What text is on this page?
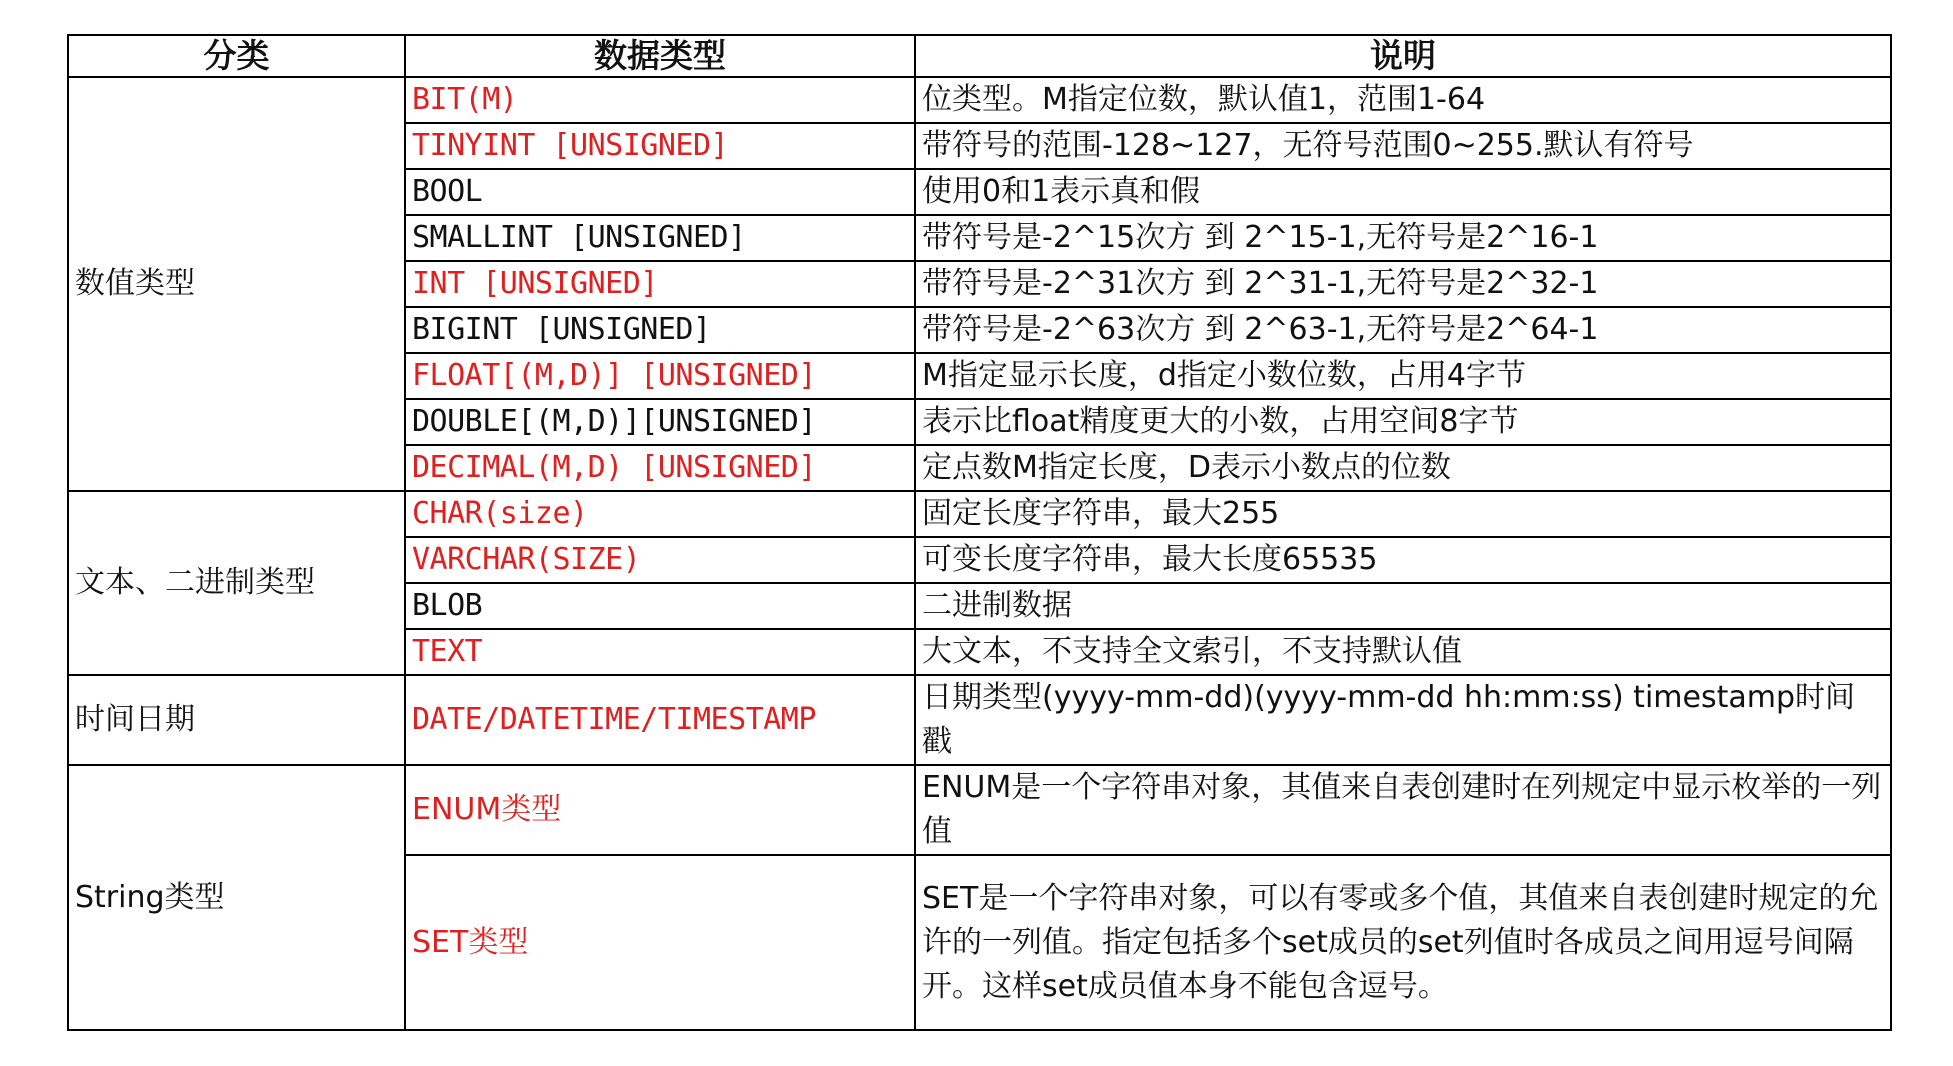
分类	数据类型	说明
数值类型	BIT(M)	位类型。M指定位数，默认值1，范围1-64
	TINYINT [UNSIGNED]	带符号的范围-128~127，无符号范围0~255.默认有符号
	BOOL	使用0和1表示真和假
	SMALLINT [UNSIGNED]	带符号是-2^15次方 到 2^15-1,无符号是2^16-1
	INT [UNSIGNED]	带符号是-2^31次方 到 2^31-1,无符号是2^32-1
	BIGINT [UNSIGNED]	带符号是-2^63次方 到 2^63-1,无符号是2^64-1
	FLOAT[(M,D)] [UNSIGNED]	M指定显示长度，d指定小数位数，占用4字节
	DOUBLE[(M,D)][UNSIGNED]	表示比float精度更大的小数，占用空间8字节
	DECIMAL(M,D) [UNSIGNED]	定点数M指定长度，D表示小数点的位数
文本、二进制类型	CHAR(size)	固定长度字符串，最大255
	VARCHAR(SIZE)	可变长度字符串，最大长度65535
	BLOB	二进制数据
	TEXT	大文本，不支持全文索引，不支持默认值
时间日期	DATE/DATETIME/TIMESTAMP	日期类型(yyyy-mm-dd)(yyyy-mm-dd hh:mm:ss) timestamp时间戳
String类型	ENUM类型	ENUM是一个字符串对象，其值来自表创建时在列规定中显示枚举的一列值
	SET类型	SET是一个字符串对象，可以有零或多个值，其值来自表创建时规定的允许的一列值。指定包括多个set成员的set列值时各成员之间用逗号间隔开。这样set成员值本身不能包含逗号。
